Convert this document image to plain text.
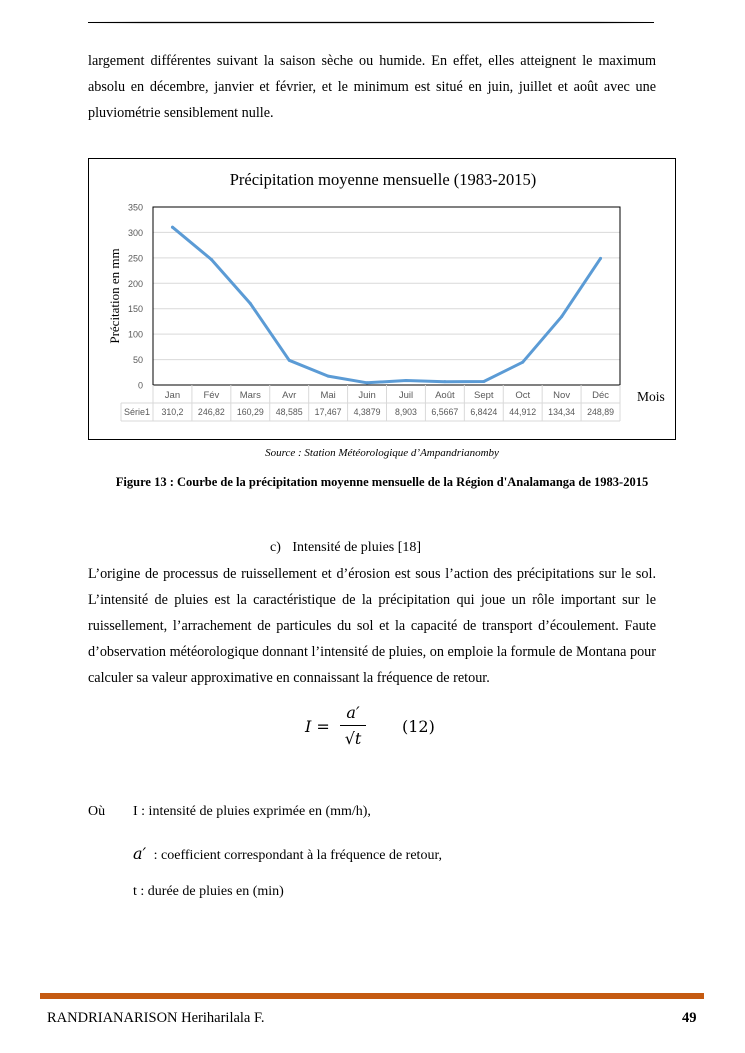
largement différentes suivant la saison sèche ou humide. En effet, elles atteignent le maximum absolu en décembre, janvier et février, et le minimum est situé en juin, juillet et août avec une pluviométrie sensiblement nulle.

0
50
100
150
200
250
300
350
Jan Fév Mars Avr	Mai Juin Juil Août Sept Oct Nov Déc
Série1 310,2 246,82 160,29 48,585 17,467 4,3879 8,903 6,5667 6,8424 44,912 134,34 248,89
Précipitation moyenne mensuelle (1983-2015)
Précitation en mm
Mois
Source : Station Météorologique d’Ampandrianomby
Figure 13 : Courbe de la précipitation moyenne mensuelle de la Région d'Analamanga de 1983-2015
c) Intensité de pluies [18]

L’origine de processus de ruissellement et d’érosion est sous l’action des précipitations sur le sol. L’intensité de pluies est la caractéristique de la précipitation qui joue un rôle important sur le ruissellement, l’arrachement de particules du sol et la capacité de transport d’écoulement. Faute d’observation météorologique donnant l’intensité de pluies, on emploie la formule de Montana pour calculer sa valeur approximative en connaissant la fréquence de retour.

I =
a′
√t
(12)
Où I : intensité de pluies exprimée en (mm/h),
a′ : coefficient correspondant à la fréquence de retour,
t : durée de pluies en (min)
RANDRIANARISON Heriharilala F.	49
